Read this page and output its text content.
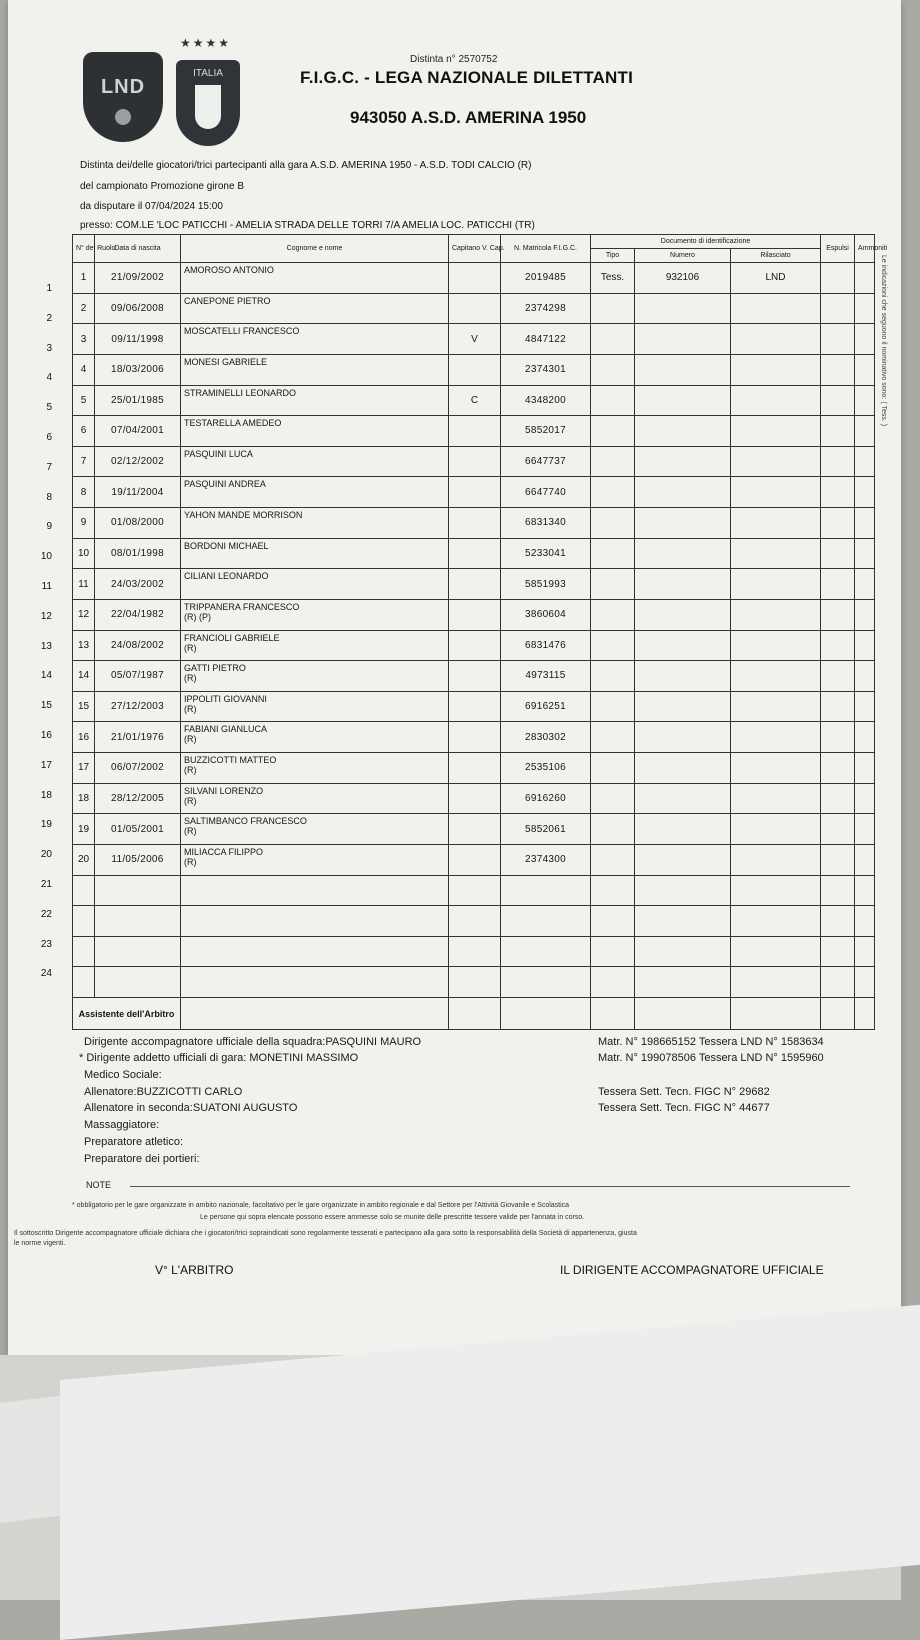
★★★★
LND
ITALIA
Distinta n° 2570752
F.I.G.C. - LEGA NAZIONALE DILETTANTI
943050 A.S.D. AMERINA 1950
Distinta dei/delle giocatori/trici partecipanti alla gara A.S.D. AMERINA 1950 - A.S.D. TODI CALCIO (R)
del campionato Promozione girone B
da disputare il 07/04/2024 15:00
presso: COM.LE 'LOC PATICCHI - AMELIA STRADA DELLE TORRI 7/A AMELIA LOC. PATICCHI (TR)
1
2
3
4
5
6
7
8
9
10
11
12
13
14
15
16
17
18
19
20
21
22
23
24
N° del Ruolo	Data di nascita	Cognome e nome	Capitano V. Cap.	N. Matricola F.I.G.C.	Documento di identificazione			Espulsi	Ammoniti
					Tipo	Numero	Rilasciato		
1	21/09/2002	AMOROSO ANTONIO		2019485	Tess.	932106	LND		
2	09/06/2008	CANEPONE PIETRO		2374298					
3	09/11/1998	MOSCATELLI FRANCESCO	V	4847122					
4	18/03/2006	MONESI GABRIELE		2374301					
5	25/01/1985	STRAMINELLI LEONARDO	C	4348200					
6	07/04/2001	TESTARELLA AMEDEO		5852017					
7	02/12/2002	PASQUINI LUCA		6647737					
8	19/11/2004	PASQUINI ANDREA		6647740					
9	01/08/2000	YAHON MANDE MORRISON		6831340					
10	08/01/1998	BORDONI MICHAEL		5233041					
11	24/03/2002	CILIANI LEONARDO		5851993					
12	22/04/1982	TRIPPANERA FRANCESCO
(R) (P)		3860604					
13	24/08/2002	FRANCIOLI GABRIELE
(R)		6831476					
14	05/07/1987	GATTI PIETRO
(R)		4973115					
15	27/12/2003	IPPOLITI GIOVANNI
(R)		6916251					
16	21/01/1976	FABIANI GIANLUCA
(R)		2830302					
17	06/07/2002	BUZZICOTTI MATTEO
(R)		2535106					
18	28/12/2005	SILVANI LORENZO
(R)		6916260					
19	01/05/2001	SALTIMBANCO FRANCESCO
(R)		5852061					
20	11/05/2006	MILIACCA FILIPPO
(R)		2374300					

Assistente dell'Arbitro									
Le indicazioni che seguono il nominativo sono: ( Tess. )
Dirigente accompagnatore ufficiale della squadra:PASQUINI MAURO	Matr. N° 198665152 Tessera LND N° 1583634
* Dirigente addetto ufficiali di gara: MONETINI MASSIMO	Matr. N° 199078506 Tessera LND N° 1595960
Medico Sociale:
Allenatore:BUZZICOTTI CARLO	Tessera Sett. Tecn. FIGC N° 29682
Allenatore in seconda:SUATONI AUGUSTO	Tessera Sett. Tecn. FIGC N° 44677
Massaggiatore:
Preparatore atletico:
Preparatore dei portieri:
NOTE
* obbligatorio per le gare organizzate in ambito nazionale, facoltativo per le gare organizzate in ambito regionale e dal Settore per l'Attività Giovanile e Scolastica
Le persone qui sopra elencate possono essere ammesse solo se munite delle prescritte tessere valide per l'annata in corso.
Il sottoscritto Dirigente accompagnatore ufficiale dichiara che i giocatori/trici sopraindicati sono regolarmente tesserati e partecipano alla gara sotto la responsabilità della Società di appartenenza, giusta
le norme vigenti.
V° L'ARBITRO	IL DIRIGENTE ACCOMPAGNATORE UFFICIALE
